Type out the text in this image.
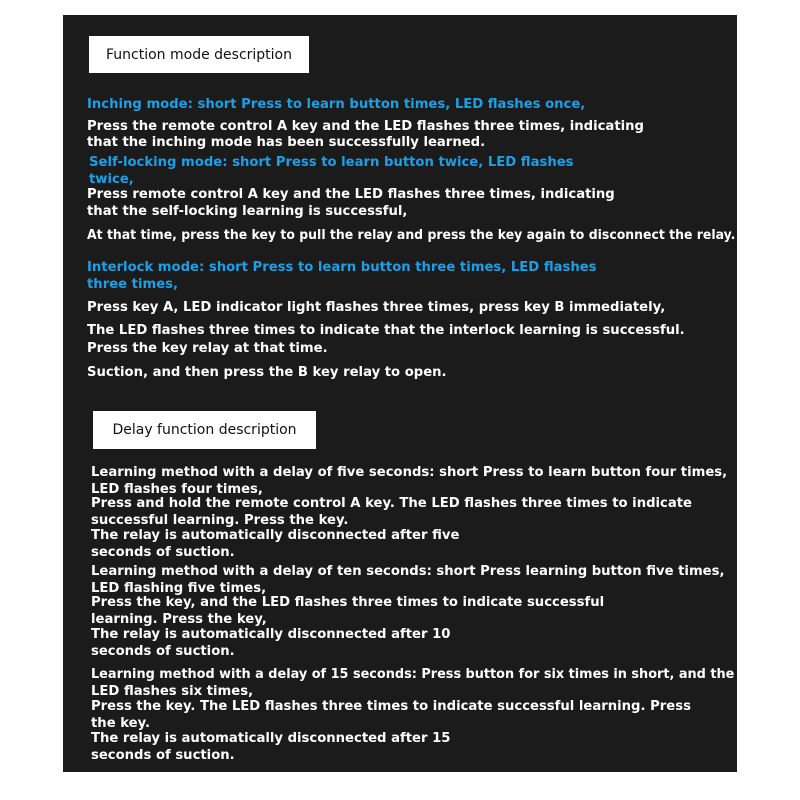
Function mode description
Inching mode: short Press to learn button times, LED flashes once,
Press the remote control A key and the LED flashes three times, indicating
that the inching mode has been successfully learned.
Self-locking mode: short Press to learn button twice, LED flashes
twice,
Press remote control A key and the LED flashes three times, indicating
that the self-locking learning is successful,
At that time, press the key to pull the relay and press the key again to disconnect the relay.
Interlock mode: short Press to learn button three times, LED flashes
three times,
Press key A, LED indicator light flashes three times, press key B immediately,
The LED flashes three times to indicate that the interlock learning is successful.
Press the key relay at that time.
Suction, and then press the B key relay to open.
Delay function description
Learning method with a delay of five seconds: short Press to learn button four times,
LED flashes four times,
Press and hold the remote control A key. The LED flashes three times to indicate
successful learning. Press the key.
The relay is automatically disconnected after five
seconds of suction.
Learning method with a delay of ten seconds: short Press learning button five times,
LED flashing five times,
Press the key, and the LED flashes three times to indicate successful
learning. Press the key,
The relay is automatically disconnected after 10
seconds of suction.
Learning method with a delay of 15 seconds: Press button for six times in short, and the
LED flashes six times,
Press the key. The LED flashes three times to indicate successful learning. Press
the key.
The relay is automatically disconnected after 15
seconds of suction.
